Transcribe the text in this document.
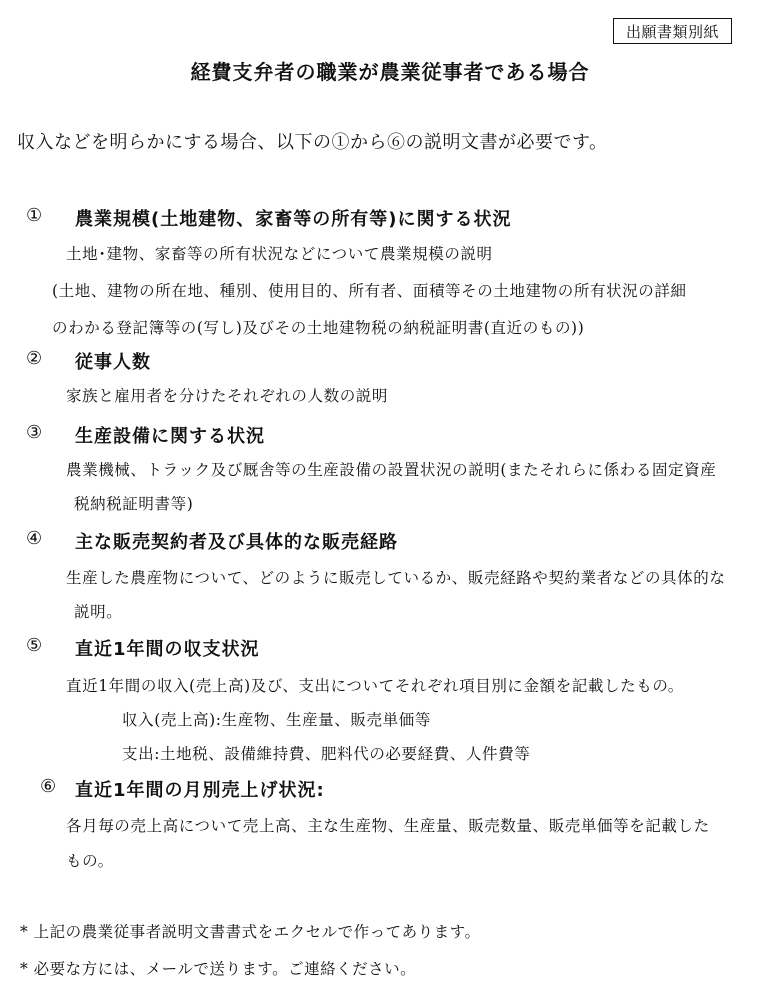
出願書類別紙
経費支弁者の職業が農業従事者である場合
収入などを明らかにする場合、以下の①から⑥の説明文書が必要です。
① 農業規模(土地建物、家畜等の所有等)に関する状況
土地･建物、家畜等の所有状況などについて農業規模の説明
(土地、建物の所在地、種別、使用目的、所有者、面積等その土地建物の所有状況の詳細
のわかる登記簿等の(写し)及びその土地建物税の納税証明書(直近のもの))
② 従事人数
家族と雇用者を分けたそれぞれの人数の説明
③ 生産設備に関する状況
農業機械、トラック及び厩舎等の生産設備の設置状況の説明(またそれらに係わる固定資産
税納税証明書等)
④ 主な販売契約者及び具体的な販売経路
生産した農産物について、どのように販売しているか、販売経路や契約業者などの具体的な
説明。
⑤ 直近1年間の収支状況
直近1年間の収入(売上高)及び、支出についてそれぞれ項目別に金額を記載したもの。
収入(売上高):生産物、生産量、販売単価等
支出:土地税、設備維持費、肥料代の必要経費、人件費等
⑥ 直近1年間の月別売上げ状況:
各月毎の売上高について売上高、主な生産物、生産量、販売数量、販売単価等を記載した
もの。
* 上記の農業従事者説明文書書式をエクセルで作ってあります。
* 必要な方には、メールで送ります。ご連絡ください。
